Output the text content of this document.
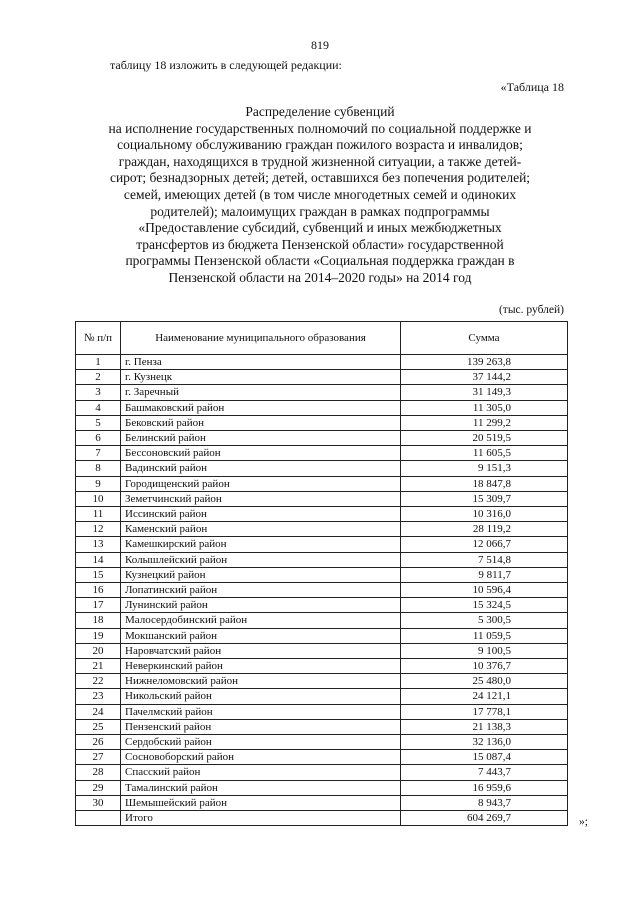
819
таблицу 18 изложить в следующей редакции:
«Таблица 18
Распределение субвенций
на исполнение государственных полномочий по социальной поддержке и
социальному обслуживанию граждан пожилого возраста и инвалидов;
граждан, находящихся в трудной жизненной ситуации, а также детей-
сирот; безнадзорных детей; детей, оставшихся без попечения родителей;
семей, имеющих детей (в том числе многодетных семей и одиноких
родителей); малоимущих граждан в рамках подпрограммы
«Предоставление субсидий, субвенций и иных межбюджетных
трансфертов из бюджета Пензенской области» государственной
программы Пензенской области «Социальная поддержка граждан в
Пензенской области на 2014–2020 годы» на 2014 год
(тыс. рублей)
№ п/п	Наименование муниципального образования	Сумма
1	г. Пенза	139 263,8
2	г. Кузнецк	37 144,2
3	г. Заречный	31 149,3
4	Башмаковский район	11 305,0
5	Бековский район	11 299,2
6	Белинский район	20 519,5
7	Бессоновский район	11 605,5
8	Вадинский район	9 151,3
9	Городищенский район	18 847,8
10	Земетчинский район	15 309,7
11	Иссинский район	10 316,0
12	Каменский район	28 119,2
13	Камешкирский район	12 066,7
14	Колышлейский район	7 514,8
15	Кузнецкий район	9 811,7
16	Лопатинский район	10 596,4
17	Лунинский район	15 324,5
18	Малосердобинский район	5 300,5
19	Мокшанский район	11 059,5
20	Наровчатский район	9 100,5
21	Неверкинский район	10 376,7
22	Нижнеломовский район	25 480,0
23	Никольский район	24 121,1
24	Пачелмский район	17 778,1
25	Пензенский район	21 138,3
26	Сердобский район	32 136,0
27	Сосновоборский район	15 087,4
28	Спасский район	7 443,7
29	Тамалинский район	16 959,6
30	Шемышейский район	8 943,7
	Итого	604 269,7	»;
